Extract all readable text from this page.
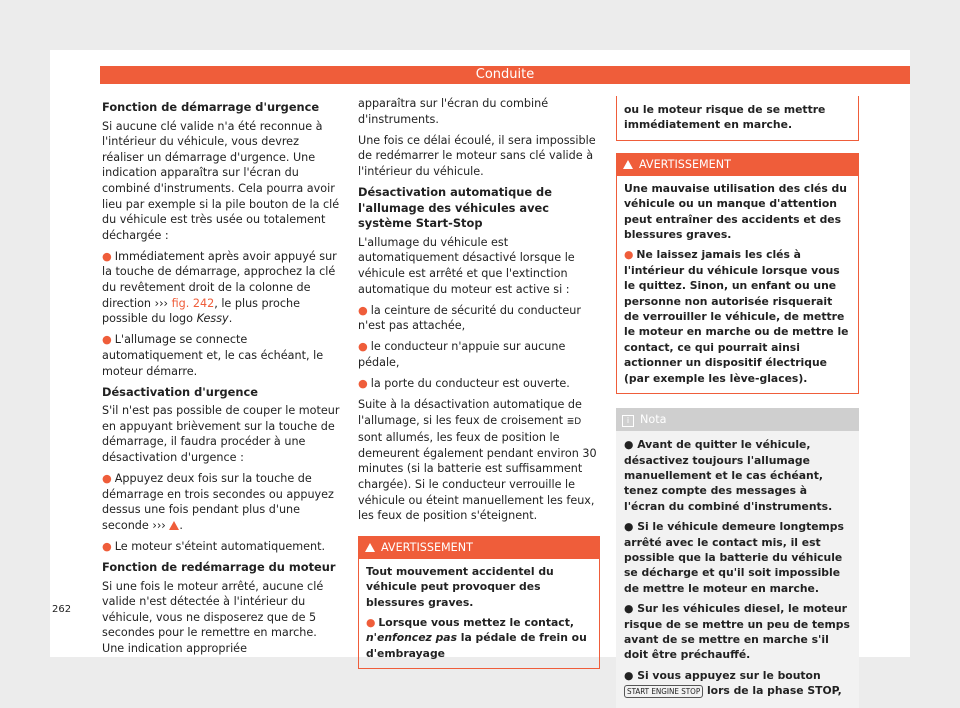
Conduite
Fonction de démarrage d'urgence

Si aucune clé valide n'a été reconnue à l'intérieur du véhicule, vous devrez réaliser un démarrage d'urgence. Une indication apparaîtra sur l'écran du combiné d'instruments. Cela pourra avoir lieu par exemple si la pile bouton de la clé du véhicule est très usée ou totalement déchargée :

● Immédiatement après avoir appuyé sur la touche de démarrage, approchez la clé du revêtement droit de la colonne de direction ››› fig. 242, le plus proche possible du logo Kessy.

● L'allumage se connecte automatiquement et, le cas échéant, le moteur démarre.

Désactivation d'urgence

S'il n'est pas possible de couper le moteur en appuyant brièvement sur la touche de démarrage, il faudra procéder à une désactivation d'urgence :

● Appuyez deux fois sur la touche de démarrage en trois secondes ou appuyez dessus une fois pendant plus d'une seconde ››› .

● Le moteur s'éteint automatiquement.

Fonction de redémarrage du moteur

Si une fois le moteur arrêté, aucune clé valide n'est détectée à l'intérieur du véhicule, vous ne disposerez que de 5 secondes pour le remettre en marche. Une indication appropriée

apparaîtra sur l'écran du combiné d'instruments.

Une fois ce délai écoulé, il sera impossible de redémarrer le moteur sans clé valide à l'intérieur du véhicule.

Désactivation automatique de l'allumage des véhicules avec système Start-Stop

L'allumage du véhicule est automatiquement désactivé lorsque le véhicule est arrêté et que l'extinction automatique du moteur est active si :

● la ceinture de sécurité du conducteur n'est pas attachée,

● le conducteur n'appuie sur aucune pédale,

● la porte du conducteur est ouverte.

Suite à la désactivation automatique de l'allumage, si les feux de croisement ≣D sont allumés, les feux de position le demeurent également pendant environ 30 minutes (si la batterie est suffisamment chargée). Si le conducteur verrouille le véhicule ou éteint manuellement les feux, les feux de position s'éteignent.

AVERTISSEMENT

Tout mouvement accidentel du véhicule peut provoquer des blessures graves.

● Lorsque vous mettez le contact, n'enfoncez pas la pédale de frein ou d'embrayage

ou le moteur risque de se mettre immédiatement en marche.

AVERTISSEMENT

Une mauvaise utilisation des clés du véhicule ou un manque d'attention peut entraîner des accidents et des blessures graves.

● Ne laissez jamais les clés à l'intérieur du véhicule lorsque vous le quittez. Sinon, un enfant ou une personne non autorisée risquerait de verrouiller le véhicule, de mettre le moteur en marche ou de mettre le contact, ce qui pourrait ainsi actionner un dispositif électrique (par exemple les lève-glaces).

i Nota

● Avant de quitter le véhicule, désactivez toujours l'allumage manuellement et le cas échéant, tenez compte des messages à l'écran du combiné d'instruments.

● Si le véhicule demeure longtemps arrêté avec le contact mis, il est possible que la batterie du véhicule se décharge et qu'il soit impossible de mettre le moteur en marche.

● Sur les véhicules diesel, le moteur risque de se mettre un peu de temps avant de se mettre en marche s'il doit être préchauffé.

● Si vous appuyez sur le bouton START ENGINE STOP lors de la phase STOP,

262
